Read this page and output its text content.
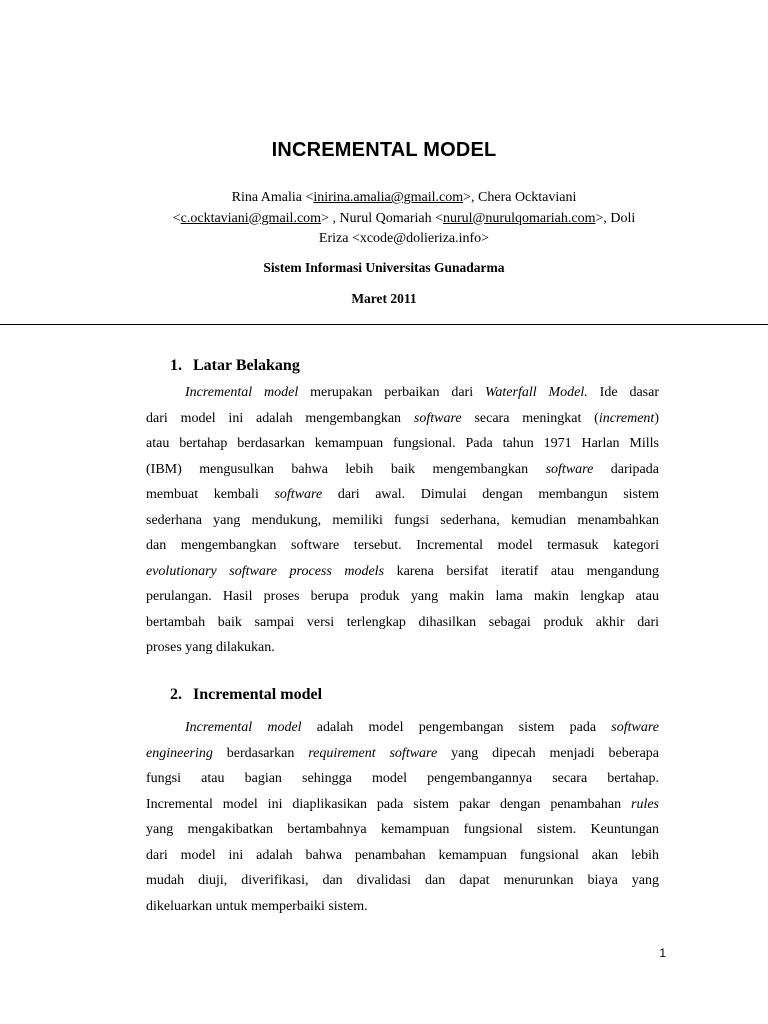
INCREMENTAL MODEL
Rina Amalia <inirina.amalia@gmail.com>, Chera Ocktaviani
<c.ocktaviani@gmail.com> , Nurul Qomariah <nurul@nurulqomariah.com>, Doli
Eriza <xcode@dolieriza.info>
Sistem Informasi Universitas Gunadarma
Maret 2011
1. Latar Belakang
Incremental model merupakan perbaikan dari Waterfall Model. Ide dasar
dari model ini adalah mengembangkan software secara meningkat (increment)
atau bertahap berdasarkan kemampuan fungsional. Pada tahun 1971 Harlan Mills
(IBM) mengusulkan bahwa lebih baik mengembangkan software daripada
membuat kembali software dari awal. Dimulai dengan membangun sistem
sederhana yang mendukung, memiliki fungsi sederhana, kemudian menambahkan
dan mengembangkan software tersebut. Incremental model termasuk kategori
evolutionary software process models karena bersifat iteratif atau mengandung
perulangan. Hasil proses berupa produk yang makin lama makin lengkap atau
bertambah baik sampai versi terlengkap dihasilkan sebagai produk akhir dari
proses yang dilakukan.
2. Incremental model
Incremental model adalah model pengembangan sistem pada software
engineering berdasarkan requirement software yang dipecah menjadi beberapa
fungsi atau bagian sehingga model pengembangannya secara bertahap.
Incremental model ini diaplikasikan pada sistem pakar dengan penambahan rules
yang mengakibatkan bertambahnya kemampuan fungsional sistem. Keuntungan
dari model ini adalah bahwa penambahan kemampuan fungsional akan lebih
mudah diuji, diverifikasi, dan divalidasi dan dapat menurunkan biaya yang
dikeluarkan untuk memperbaiki sistem.
1
